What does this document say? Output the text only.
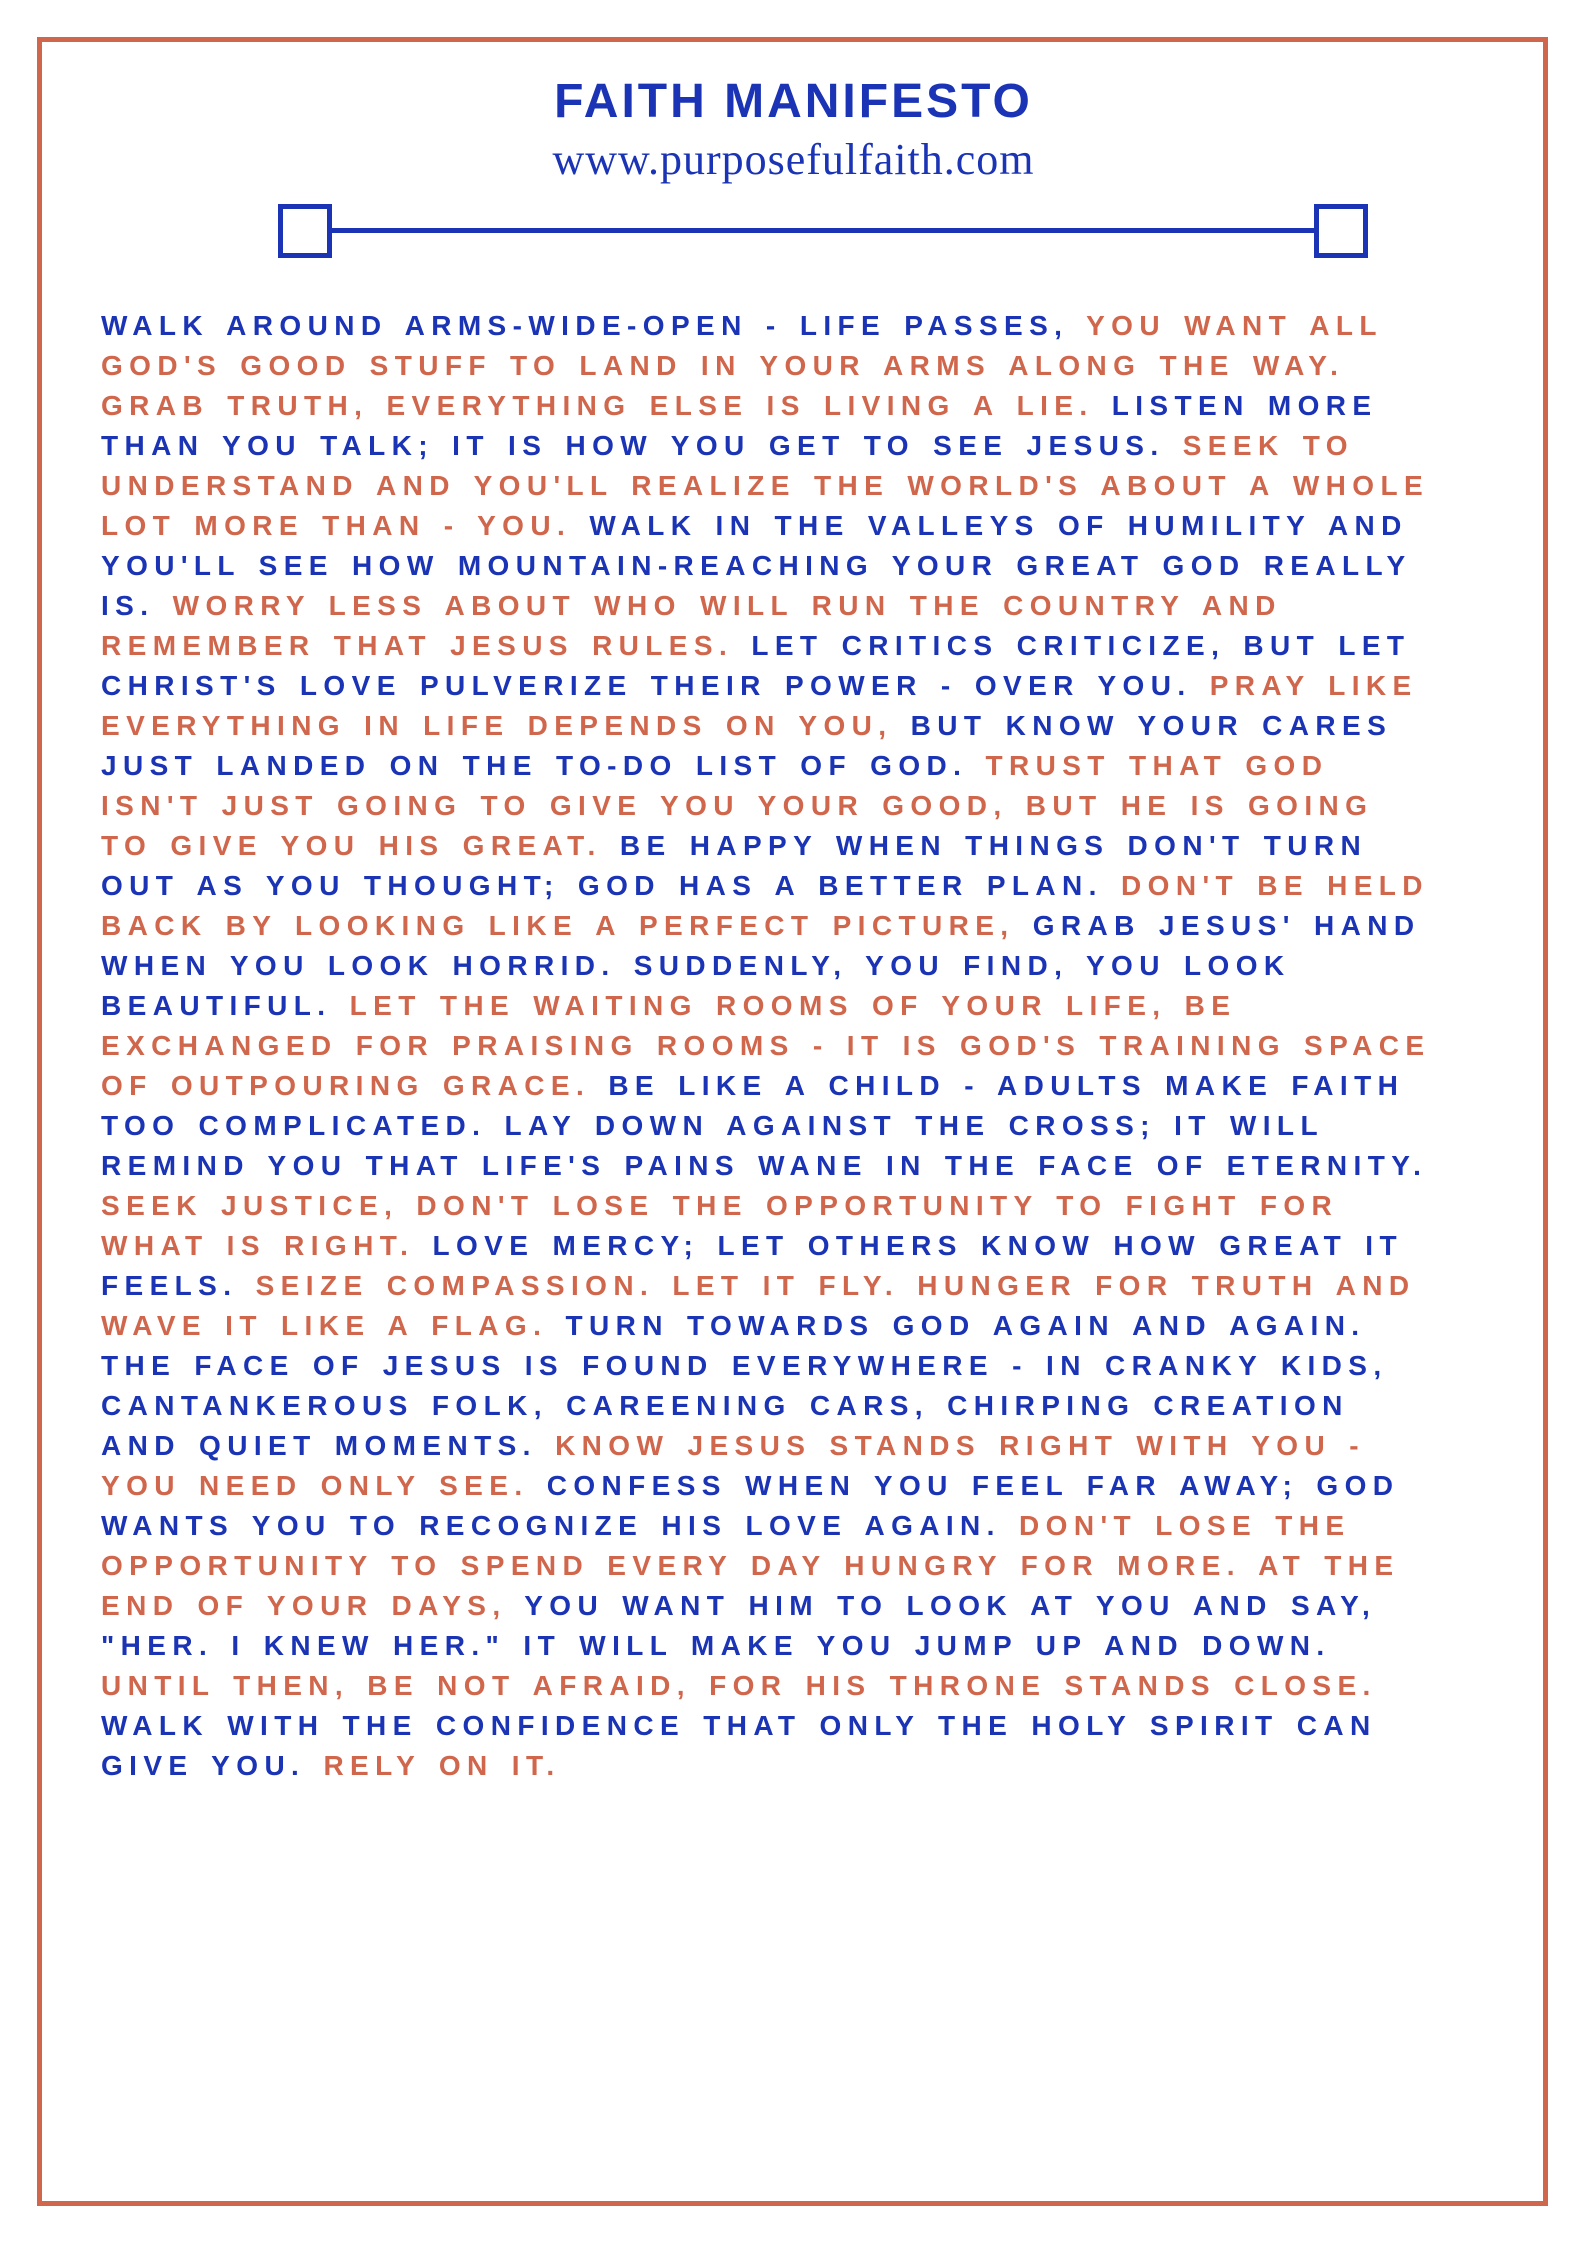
FAITH MANIFESTO
www.purposefulfaith.com

WALK AROUND ARMS-WIDE-OPEN - LIFE PASSES, YOU WANT ALL GOD'S GOOD STUFF TO LAND IN YOUR ARMS ALONG THE WAY. GRAB TRUTH, EVERYTHING ELSE IS LIVING A LIE. LISTEN MORE THAN YOU TALK; IT IS HOW YOU GET TO SEE JESUS. SEEK TO UNDERSTAND AND YOU'LL REALIZE THE WORLD'S ABOUT A WHOLE LOT MORE THAN - YOU. WALK IN THE VALLEYS OF HUMILITY AND YOU'LL SEE HOW MOUNTAIN-REACHING YOUR GREAT GOD REALLY IS. WORRY LESS ABOUT WHO WILL RUN THE COUNTRY AND REMEMBER THAT JESUS RULES. LET CRITICS CRITICIZE, BUT LET CHRIST'S LOVE PULVERIZE THEIR POWER - OVER YOU. PRAY LIKE EVERYTHING IN LIFE DEPENDS ON YOU, BUT KNOW YOUR CARES JUST LANDED ON THE TO-DO LIST OF GOD. TRUST THAT GOD ISN'T JUST GOING TO GIVE YOU YOUR GOOD, BUT HE IS GOING TO GIVE YOU HIS GREAT. BE HAPPY WHEN THINGS DON'T TURN OUT AS YOU THOUGHT; GOD HAS A BETTER PLAN. DON'T BE HELD BACK BY LOOKING LIKE A PERFECT PICTURE, GRAB JESUS' HAND WHEN YOU LOOK HORRID. SUDDENLY, YOU FIND, YOU LOOK BEAUTIFUL. LET THE WAITING ROOMS OF YOUR LIFE, BE EXCHANGED FOR PRAISING ROOMS - IT IS GOD'S TRAINING SPACE OF OUTPOURING GRACE. BE LIKE A CHILD - ADULTS MAKE FAITH TOO COMPLICATED. LAY DOWN AGAINST THE CROSS; IT WILL REMIND YOU THAT LIFE'S PAINS WANE IN THE FACE OF ETERNITY. SEEK JUSTICE, DON'T LOSE THE OPPORTUNITY TO FIGHT FOR WHAT IS RIGHT. LOVE MERCY; LET OTHERS KNOW HOW GREAT IT FEELS. SEIZE COMPASSION. LET IT FLY. HUNGER FOR TRUTH AND WAVE IT LIKE A FLAG. TURN TOWARDS GOD AGAIN AND AGAIN. THE FACE OF JESUS IS FOUND EVERYWHERE - IN CRANKY KIDS, CANTANKEROUS FOLK, CAREENING CARS, CHIRPING CREATION AND QUIET MOMENTS. KNOW JESUS STANDS RIGHT WITH YOU - YOU NEED ONLY SEE. CONFESS WHEN YOU FEEL FAR AWAY; GOD WANTS YOU TO RECOGNIZE HIS LOVE AGAIN. DON'T LOSE THE OPPORTUNITY TO SPEND EVERY DAY HUNGRY FOR MORE. AT THE END OF YOUR DAYS, YOU WANT HIM TO LOOK AT YOU AND SAY, "HER. I KNEW HER." IT WILL MAKE YOU JUMP UP AND DOWN. UNTIL THEN, BE NOT AFRAID, FOR HIS THRONE STANDS CLOSE. WALK WITH THE CONFIDENCE THAT ONLY THE HOLY SPIRIT CAN GIVE YOU. RELY ON IT.
